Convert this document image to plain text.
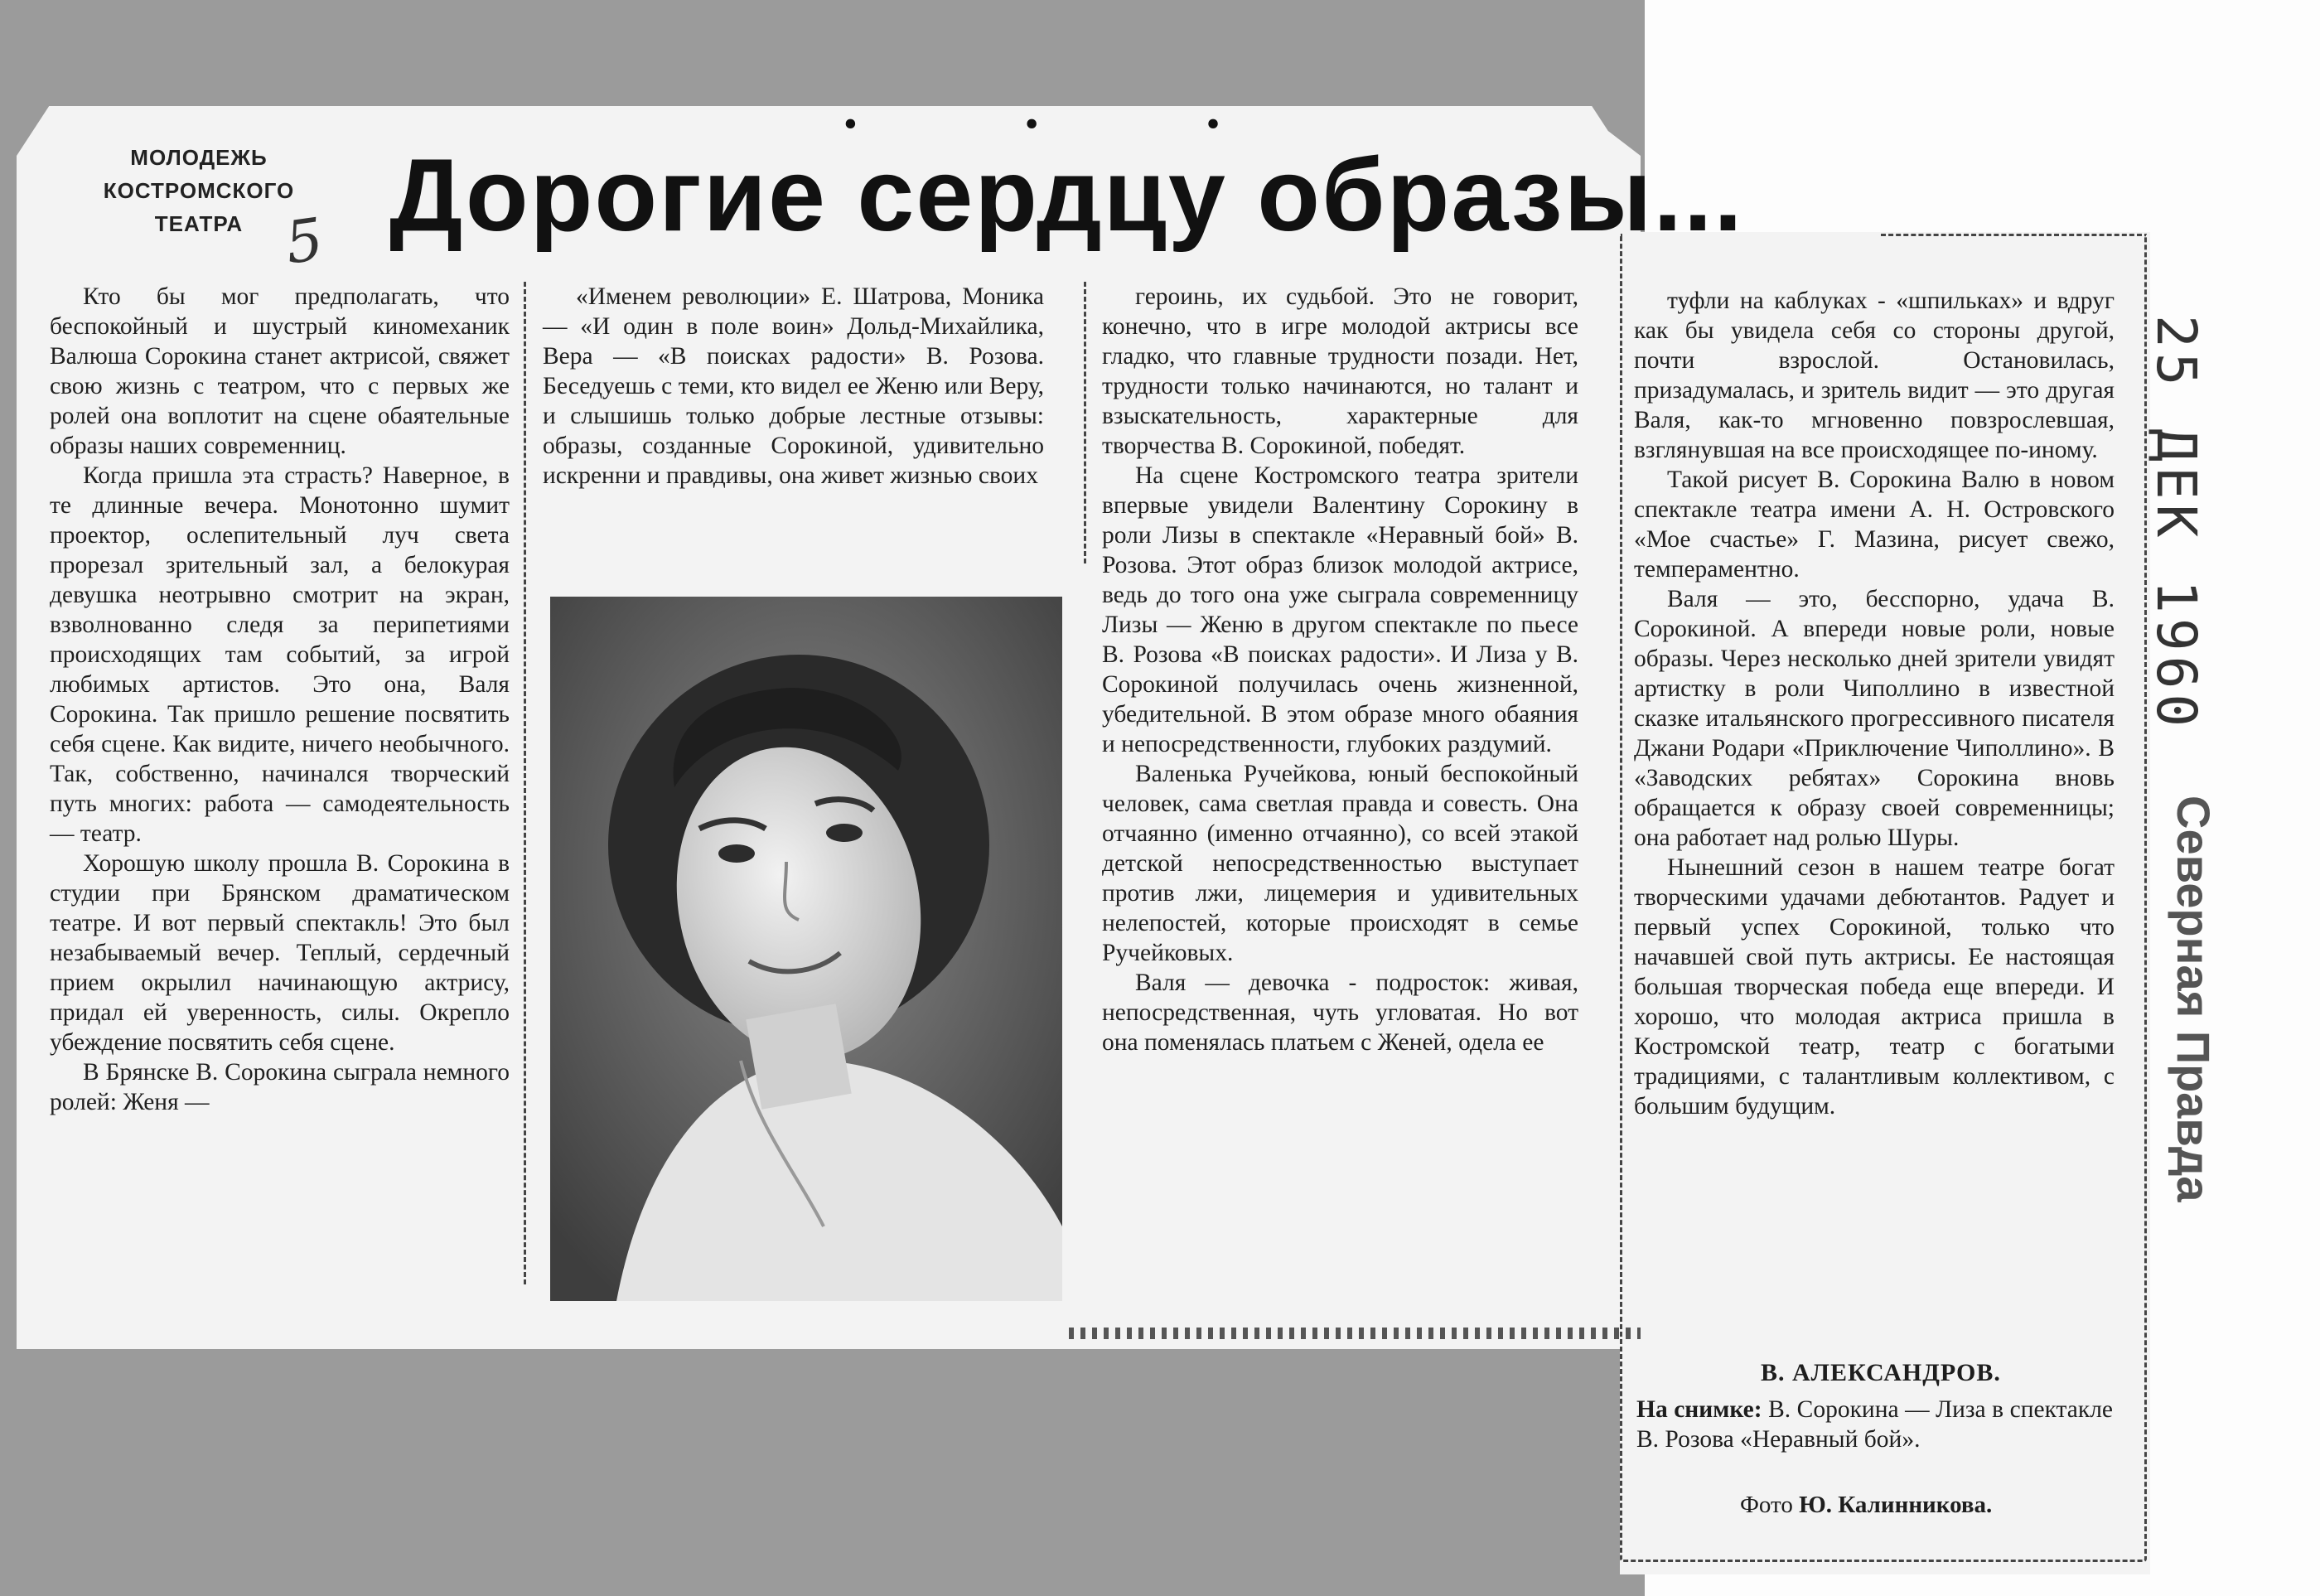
• • •
МОЛОДЕЖЬ
КОСТРОМСКОГО
ТЕАТРА 5 Дорогие сердцу образы...

Кто бы мог предполагать, что беспокойный и шустрый киномеханик Валюша Сорокина станет актрисой, свяжет свою жизнь с театром, что с первых же ролей она воплотит на сцене обаятельные образы наших современниц.

Когда пришла эта страсть? Наверное, в те длинные вечера. Монотонно шумит проектор, ослепительный луч света прорезал зрительный зал, а белокурая девушка неотрывно смотрит на экран, взволнованно следя за перипетиями происходящих там событий, за игрой любимых артистов. Это она, Валя Сорокина. Так пришло решение посвятить себя сцене. Как видите, ничего необычного. Так, собственно, начинался творческий путь многих: работа — самодеятельность — театр.

Хорошую школу прошла В. Сорокина в студии при Брянском драматическом театре. И вот первый спектакль! Это был незабываемый вечер. Теплый, сердечный прием окрылил начинающую актрису, придал ей уверенность, силы. Окрепло убеждение посвятить себя сцене.

В Брянске В. Сорокина сыграла немного ролей: Женя —

«Именем революции» Е. Шатрова, Моника — «И один в поле воин» Дольд-Михайлика, Вера — «В поисках радости» В. Розова. Беседуешь с теми, кто видел ее Женю или Веру, и слышишь только добрые лестные отзывы: образы, созданные Сорокиной, удивительно искренни и правдивы, она живет жизнью своих

героинь, их судьбой. Это не говорит, конечно, что в игре молодой актрисы все гладко, что главные трудности позади. Нет, трудности только начинаются, но талант и взыскательность, характерные для творчества В. Сорокиной, победят.

На сцене Костромского театра зрители впервые увидели Валентину Сорокину в роли Лизы в спектакле «Неравный бой» В. Розова. Этот образ близок молодой актрисе, ведь до того она уже сыграла современницу Лизы — Женю в другом спектакле по пьесе В. Розова «В поисках радости». И Лиза у В. Сорокиной получилась очень жизненной, убедительной. В этом образе много обаяния и непосредственности, глубоких раздумий.

Валенька Ручейкова, юный беспокойный человек, сама светлая правда и совесть. Она отчаянно (именно отчаянно), со всей этакой детской непосредственностью выступает против лжи, лицемерия и удивительных нелепостей, которые происходят в семье Ручейковых.

Валя — девочка - подросток: живая, непосредственная, чуть угловатая. Но вот она поменялась платьем с Женей, одела ее

туфли на каблуках - «шпильках» и вдруг как бы увидела себя со стороны другой, почти взрослой. Остановилась, призадумалась, и зритель видит — это другая Валя, как-то мгновенно повзрослевшая, взглянувшая на все происходящее по-иному.

Такой рисует В. Сорокина Валю в новом спектакле театра имени А. Н. Островского «Мое счастье» Г. Мазина, рисует свежо, темпераментно.

Валя — это, бесспорно, удача В. Сорокиной. А впереди новые роли, новые образы. Через несколько дней зрители увидят артистку в роли Чиполлино в известной сказке итальянского прогрессивного писателя Джани Родари «Приключение Чиполлино». В «Заводских ребятах» Сорокина вновь обращается к образу своей современницы; она работает над ролью Шуры.

Нынешний сезон в нашем театре богат творческими удачами дебютантов. Радует и первый успех Сорокиной, только что начавшей свой путь актрисы. Ее настоящая большая творческая победа еще впереди. И хорошо, что молодая актриса пришла в Костромской театр, театр с богатыми традициями, с талантливым коллективом, с большим будущим.

В. АЛЕКСАНДРОВ.
На снимке: В. Сорокина — Лиза в спектакле В. Розова «Неравный бой».
Фото Ю. Калинникова.
25 ДЕК 1960
Северная Правда
